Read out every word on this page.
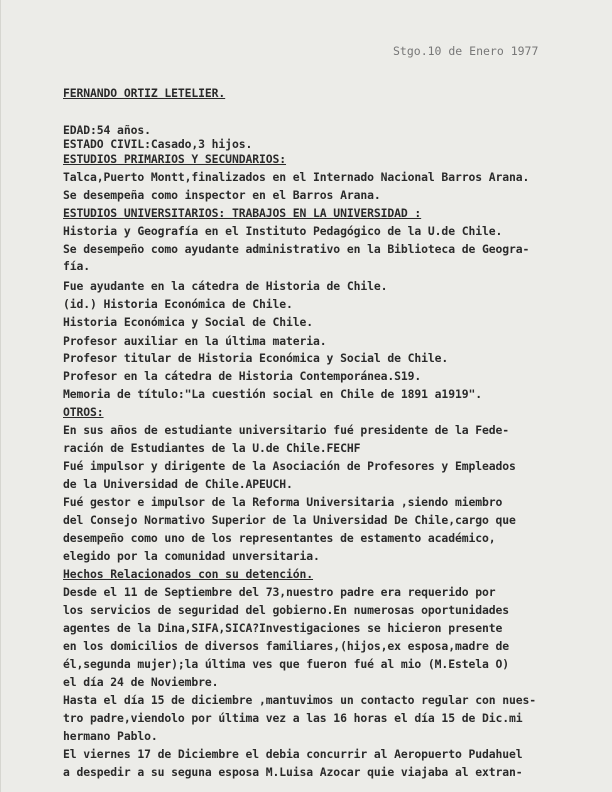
Stgo.10 de Enero 1977
FERNANDO ORTIZ LETELIER.
EDAD:54 años.
ESTADO CIVIL:Casado,3 hijos.
ESTUDIOS PRIMARIOS Y SECUNDARIOS:
Talca,Puerto Montt,finalizados en el Internado Nacional Barros Arana.
Se desempeña como inspector en el Barros Arana.
ESTUDIOS UNIVERSITARIOS: TRABAJOS EN LA UNIVERSIDAD :
Historia y Geografía en el Instituto Pedagógico de la U.de Chile.
Se desempeño como ayudante administrativo en la Biblioteca de Geogra-
fía.
Fue ayudante en la cátedra de Historia de Chile.
(id.) Historia Económica de Chile.
Historia Económica y Social de Chile.
Profesor auxiliar en la última materia.
Profesor titular de Historia Económica y Social de Chile.
Profesor en la cátedra de Historia Contemporánea.S19.
Memoria de título:"La cuestión social en Chile de 1891 a1919".
OTROS:
En sus años de estudiante universitario fué presidente de la Fede-
ración de Estudiantes de la U.de Chile.FECHF
Fué impulsor y dirigente de la Asociación de Profesores y Empleados
de la Universidad de Chile.APEUCH.
Fué gestor e impulsor de la Reforma Universitaria ,siendo miembro
del Consejo Normativo Superior de la Universidad De Chile,cargo que
desempeño como uno de los representantes de estamento académico,
elegido por la comunidad unversitaria.
Hechos Relacionados con su detención.
Desde el 11 de Septiembre del 73,nuestro padre era requerido por
los servicios de seguridad del gobierno.En numerosas oportunidades
agentes de la Dina,SIFA,SICA?Investigaciones se hicieron presente
en los domicilios de diversos familiares,(hijos,ex esposa,madre de
él,segunda mujer);la última ves que fueron fué al mio (M.Estela O)
el día 24 de Noviembre.
Hasta el día 15 de diciembre ,mantuvimos un contacto regular con nues-
tro padre,viendolo por última vez a las 16 horas el día 15 de Dic.mi
hermano Pablo.
El viernes 17 de Diciembre el debia concurrir al Aeropuerto Pudahuel
a despedir a su seguna esposa M.Luisa Azocar quie viajaba al extran-
